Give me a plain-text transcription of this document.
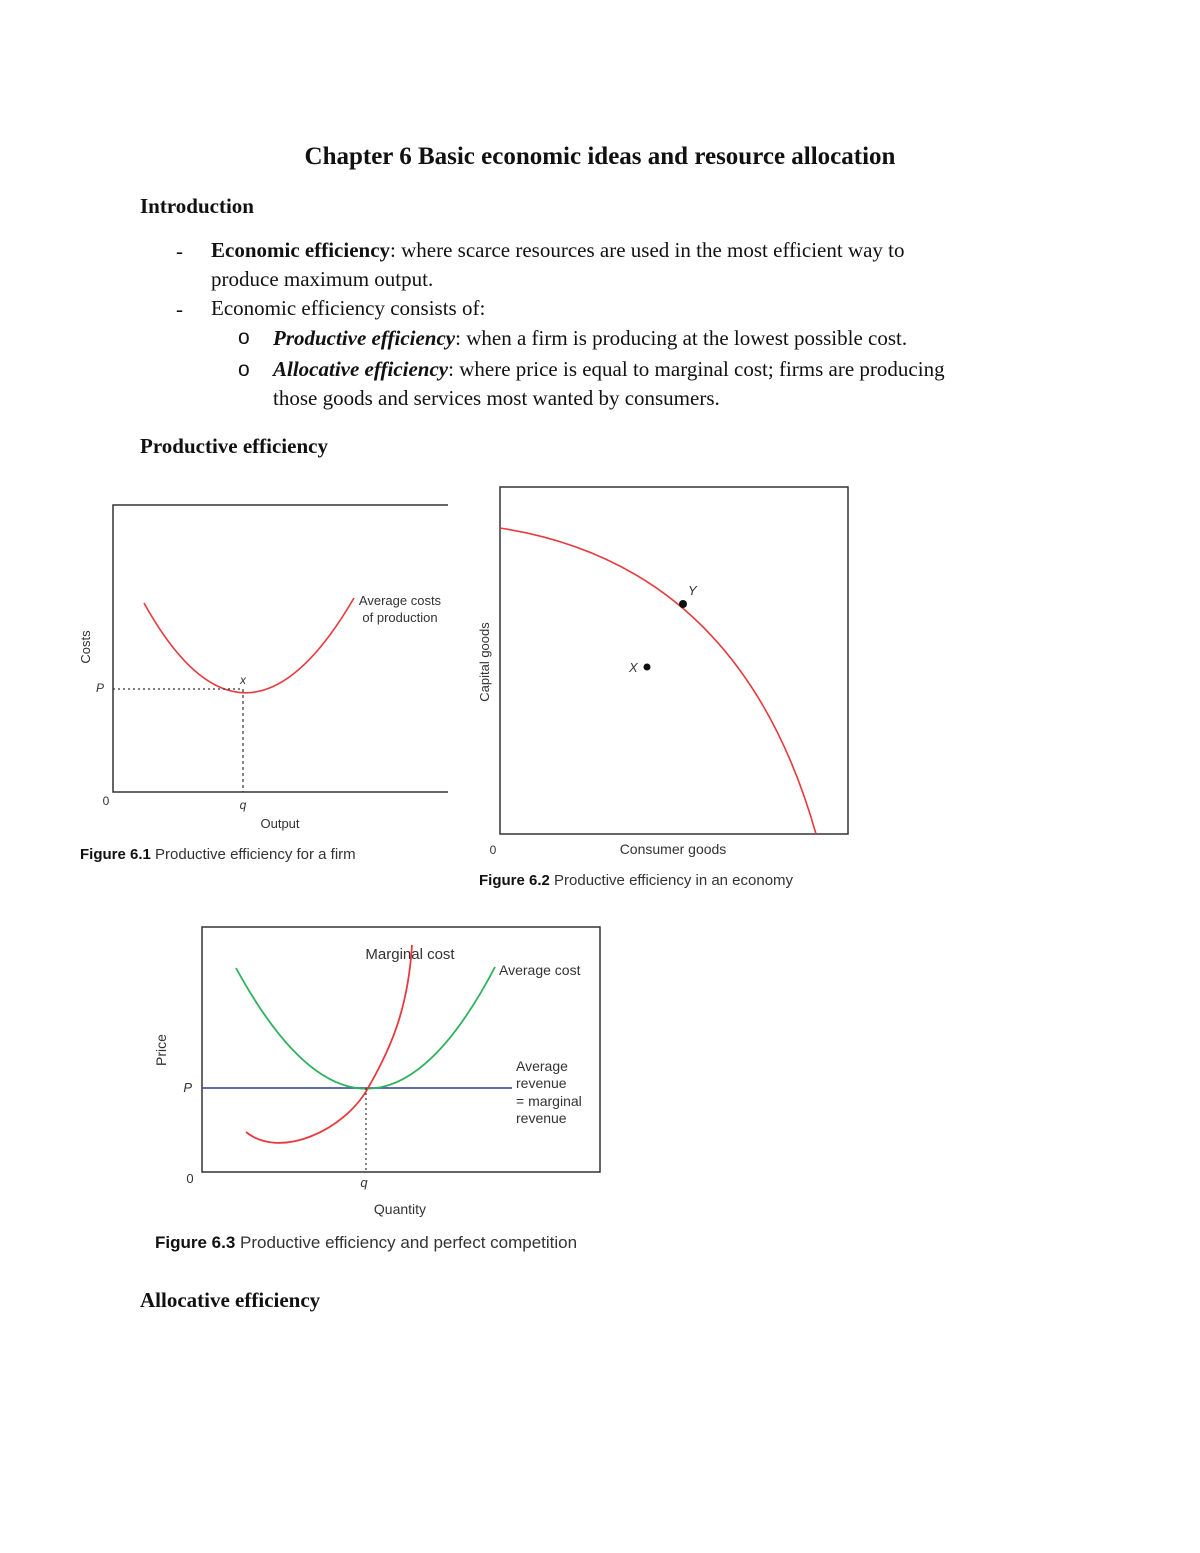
Chapter 6 Basic economic ideas and resource allocation
Introduction
- Economic efficiency: where scarce resources are used in the most efficient way to
produce maximum output.
- Economic efficiency consists of:
o Productive efficiency: when a firm is producing at the lowest possible cost.
o Allocative efficiency: where price is equal to marginal cost; firms are producing
those goods and services most wanted by consumers.
Productive efficiency
Costs
P
x
0	q
Output
Average costs
of production
Figure 6.1 Productive efficiency for a firm
Y
X
Capital goods
0	Consumer goods
Figure 6.2 Productive efficiency in an economy
Price
P
0	q
Quantity
Marginal cost
Average cost
Average
revenue
= marginal
revenue
Figure 6.3 Productive efficiency and perfect competition
Allocative efficiency
